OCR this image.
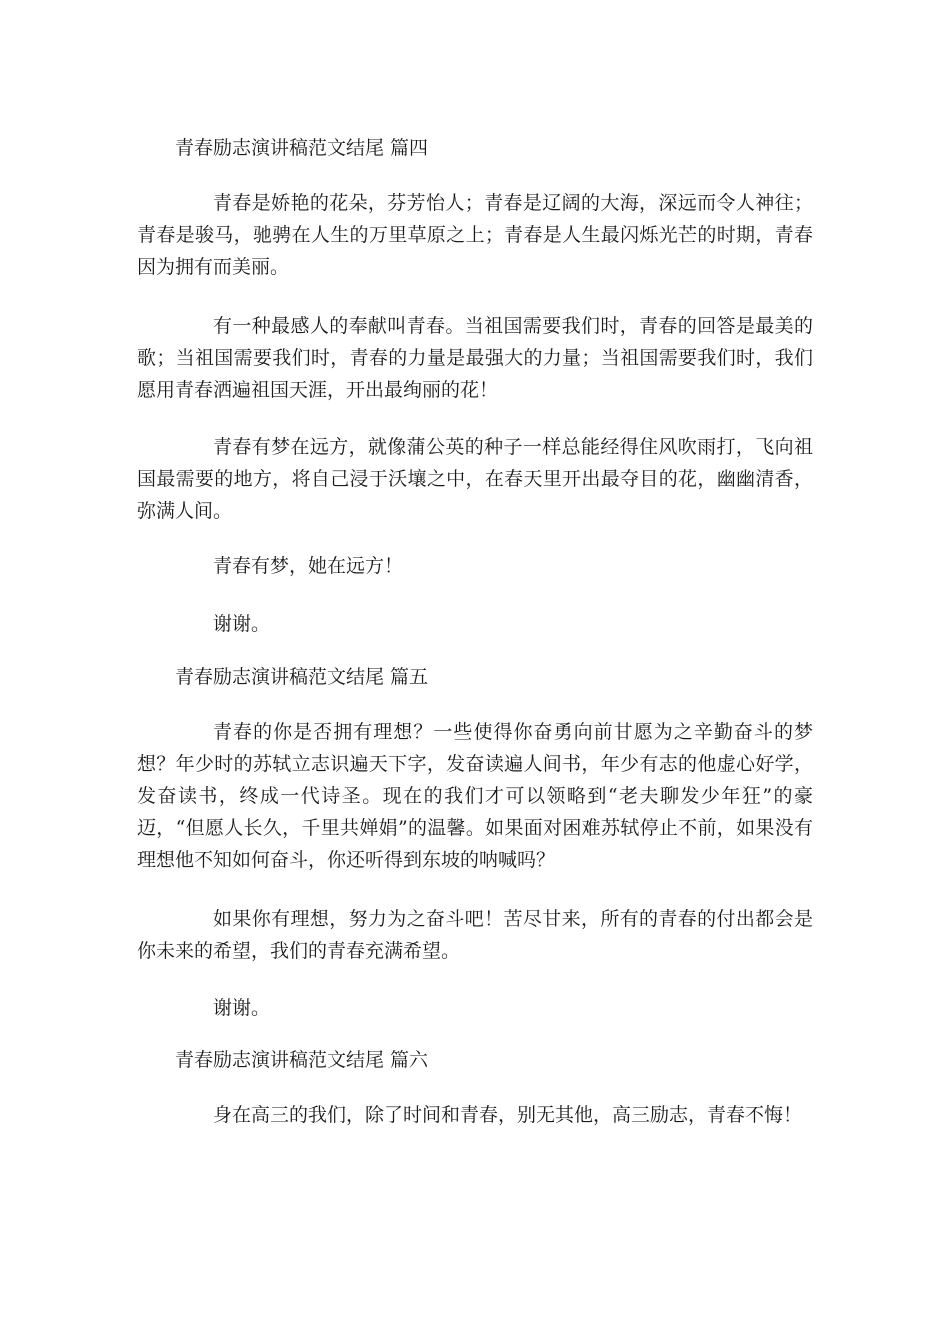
青春励志演讲稿范文结尾 篇四

青春是娇艳的花朵，芬芳怡人；青春是辽阔的大海，深远而令人神往；青春是骏马，驰骋在人生的万里草原之上；青春是人生最闪烁光芒的时期，青春因为拥有而美丽。

有一种最感人的奉献叫青春。当祖国需要我们时，青春的回答是最美的歌；当祖国需要我们时，青春的力量是最强大的力量；当祖国需要我们时，我们愿用青春洒遍祖国天涯，开出最绚丽的花！

青春有梦在远方，就像蒲公英的种子一样总能经得住风吹雨打，飞向祖国最需要的地方，将自己浸于沃壤之中，在春天里开出最夺目的花，幽幽清香，弥满人间。

青春有梦，她在远方！

谢谢。

青春励志演讲稿范文结尾 篇五

青春的你是否拥有理想？一些使得你奋勇向前甘愿为之辛勤奋斗的梦想？年少时的苏轼立志识遍天下字，发奋读遍人间书，年少有志的他虚心好学，发奋读书，终成一代诗圣。现在的我们才可以领略到“老夫聊发少年狂”的豪迈，“但愿人长久，千里共婵娟”的温馨。如果面对困难苏轼停止不前，如果没有理想他不知如何奋斗，你还听得到东坡的呐喊吗？

如果你有理想，努力为之奋斗吧！苦尽甘来，所有的青春的付出都会是你未来的希望，我们的青春充满希望。

谢谢。

青春励志演讲稿范文结尾 篇六

身在高三的我们，除了时间和青春，别无其他，高三励志，青春不悔！
